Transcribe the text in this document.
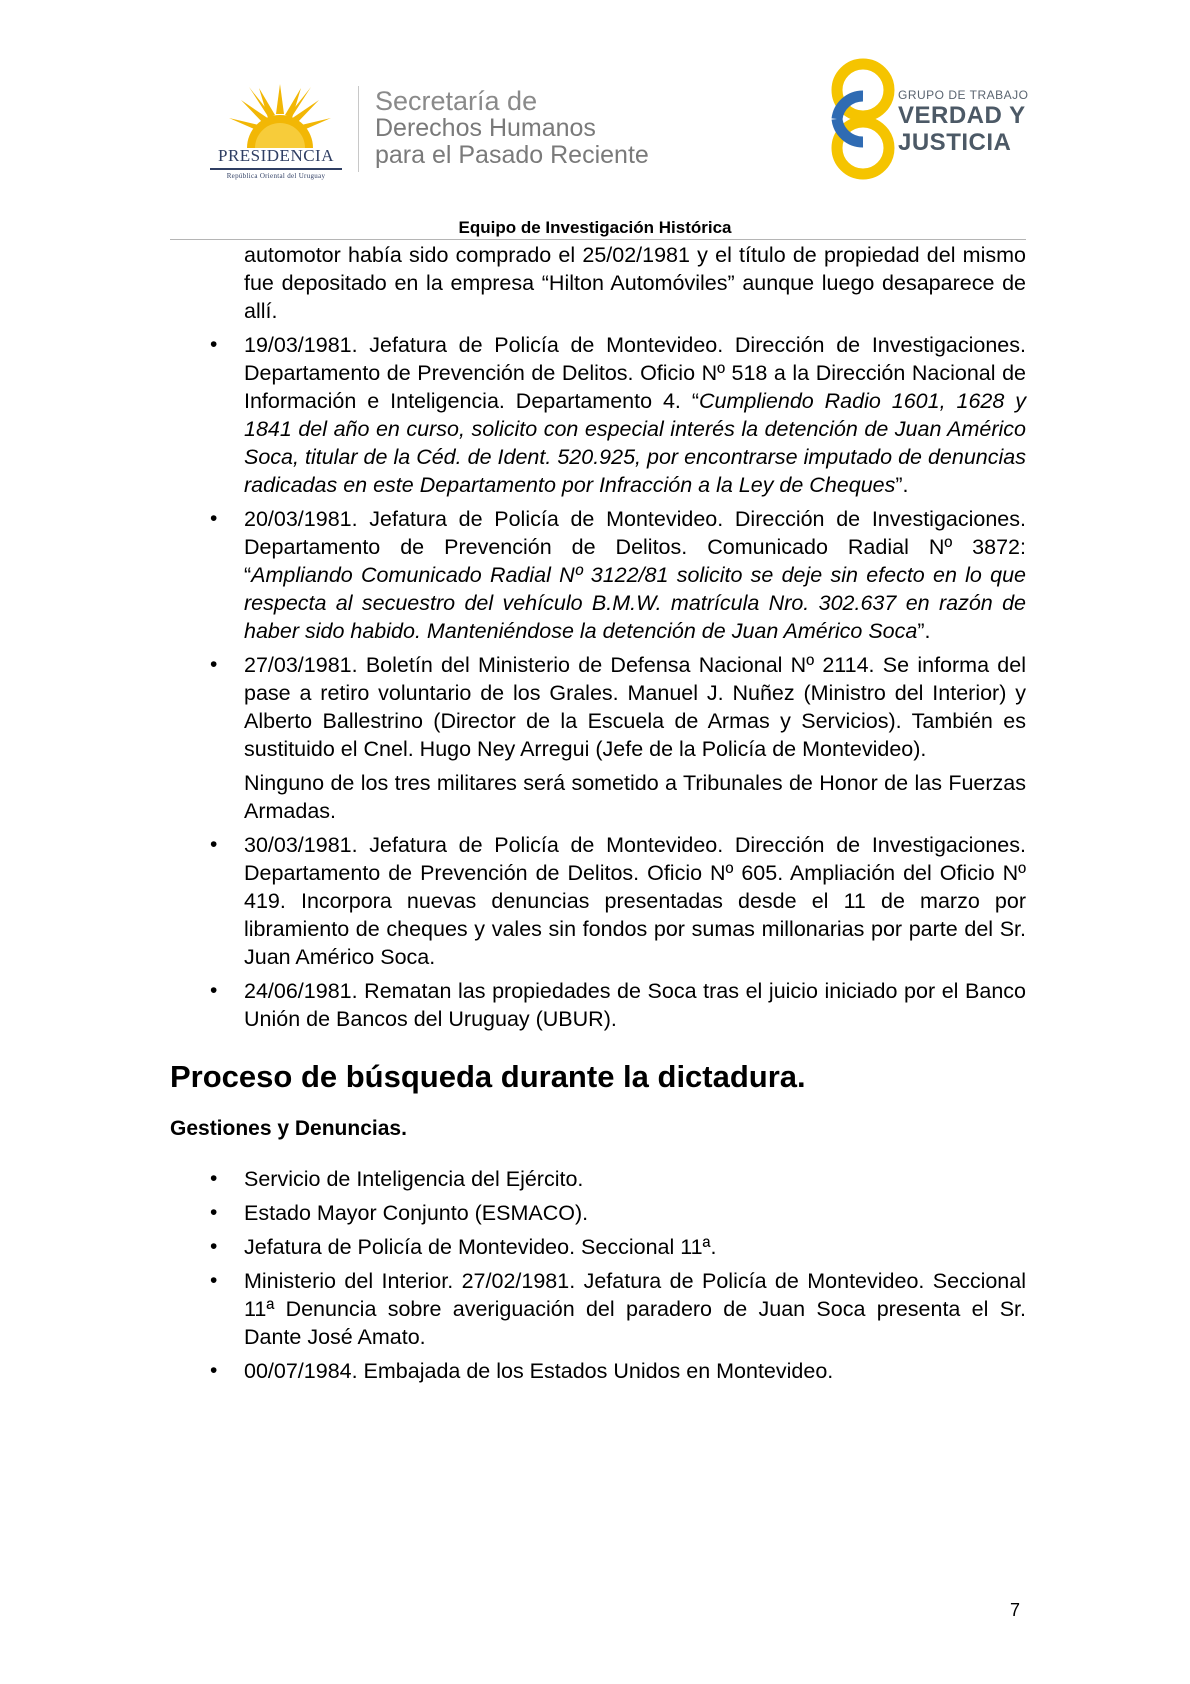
PRESIDENCIA
República Oriental del Uruguay
Secretaría de
Derechos Humanos
para el Pasado Reciente
GRUPO DE TRABAJO
VERDAD Y
JUSTICIA
Equipo de Investigación Histórica

automotor había sido comprado el 25/02/1981 y el título de propiedad del mismo fue depositado en la empresa “Hilton Automóviles” aunque luego desaparece de allí.

• 19/03/1981. Jefatura de Policía de Montevideo. Dirección de Investigaciones. Departamento de Prevención de Delitos. Oficio Nº 518 a la Dirección Nacional de Información e Inteligencia. Departamento 4. “Cumpliendo Radio 1601, 1628 y 1841 del año en curso, solicito con especial interés la detención de Juan Américo Soca, titular de la Céd. de Ident. 520.925, por encontrarse imputado de denuncias radicadas en este Departamento por Infracción a la Ley de Cheques”.

• 20/03/1981. Jefatura de Policía de Montevideo. Dirección de Investigaciones. Departamento de Prevención de Delitos. Comunicado Radial Nº 3872: “Ampliando Comunicado Radial Nº 3122/81 solicito se deje sin efecto en lo que respecta al secuestro del vehículo B.M.W. matrícula Nro. 302.637 en razón de haber sido habido. Manteniéndose la detención de Juan Américo Soca”.

• 27/03/1981. Boletín del Ministerio de Defensa Nacional Nº 2114. Se informa del pase a retiro voluntario de los Grales. Manuel J. Nuñez (Ministro del Interior) y Alberto Ballestrino (Director de la Escuela de Armas y Servicios). También es sustituido el Cnel. Hugo Ney Arregui (Jefe de la Policía de Montevideo).

Ninguno de los tres militares será sometido a Tribunales de Honor de las Fuerzas Armadas.

• 30/03/1981. Jefatura de Policía de Montevideo. Dirección de Investigaciones. Departamento de Prevención de Delitos. Oficio Nº 605. Ampliación del Oficio Nº 419. Incorpora nuevas denuncias presentadas desde el 11 de marzo por libramiento de cheques y vales sin fondos por sumas millonarias por parte del Sr. Juan Américo Soca.

• 24/06/1981. Rematan las propiedades de Soca tras el juicio iniciado por el Banco Unión de Bancos del Uruguay (UBUR).

Proceso de búsqueda durante la dictadura.
Gestiones y Denuncias.
• Servicio de Inteligencia del Ejército.

• Estado Mayor Conjunto (ESMACO).

• Jefatura de Policía de Montevideo. Seccional 11ª.

• Ministerio del Interior. 27/02/1981. Jefatura de Policía de Montevideo. Seccional 11ª Denuncia sobre averiguación del paradero de Juan Soca presenta el Sr. Dante José Amato.

• 00/07/1984. Embajada de los Estados Unidos en Montevideo.

7
